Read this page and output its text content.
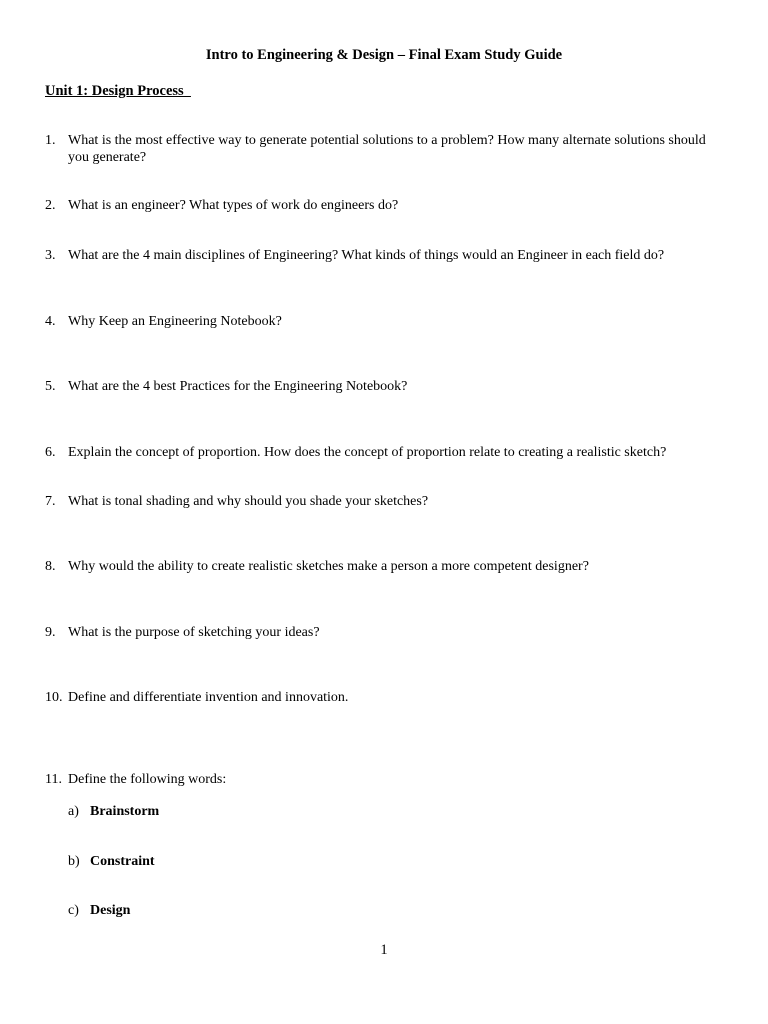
Intro to Engineering & Design – Final Exam Study Guide
Unit 1: Design Process
1. What is the most effective way to generate potential solutions to a problem? How many alternate solutions should you generate?
2. What is an engineer? What types of work do engineers do?
3. What are the 4 main disciplines of Engineering? What kinds of things would an Engineer in each field do?
4. Why Keep an Engineering Notebook?
5. What are the 4 best Practices for the Engineering Notebook?
6. Explain the concept of proportion. How does the concept of proportion relate to creating a realistic sketch?
7. What is tonal shading and why should you shade your sketches?
8. Why would the ability to create realistic sketches make a person a more competent designer?
9. What is the purpose of sketching your ideas?
10. Define and differentiate invention and innovation.
11. Define the following words:
a) Brainstorm
b) Constraint
c) Design
1
